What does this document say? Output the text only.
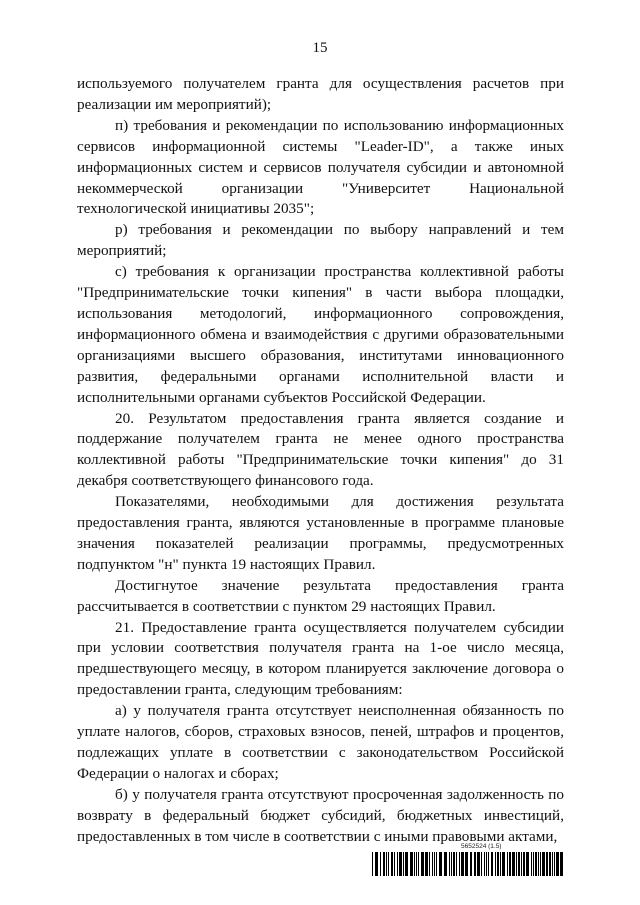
15

используемого получателем гранта для осуществления расчетов при реализации им мероприятий);

п) требования и рекомендации по использованию информационных сервисов информационной системы "Leader-ID", а также иных информационных систем и сервисов получателя субсидии и автономной некоммерческой организации "Университет Национальной технологической инициативы 2035";

р) требования и рекомендации по выбору направлений и тем мероприятий;

с) требования к организации пространства коллективной работы "Предпринимательские точки кипения" в части выбора площадки, использования методологий, информационного сопровождения, информационного обмена и взаимодействия с другими образовательными организациями высшего образования, институтами инновационного развития, федеральными органами исполнительной власти и исполнительными органами субъектов Российской Федерации.

20. Результатом предоставления гранта является создание и поддержание получателем гранта не менее одного пространства коллективной работы "Предпринимательские точки кипения" до 31 декабря соответствующего финансового года.

Показателями, необходимыми для достижения результата предоставления гранта, являются установленные в программе плановые значения показателей реализации программы, предусмотренных подпунктом "н" пункта 19 настоящих Правил.

Достигнутое значение результата предоставления гранта рассчитывается в соответствии с пунктом 29 настоящих Правил.

21. Предоставление гранта осуществляется получателем субсидии при условии соответствия получателя гранта на 1-ое число месяца, предшествующего месяцу, в котором планируется заключение договора о предоставлении гранта, следующим требованиям:

а) у получателя гранта отсутствует неисполненная обязанность по уплате налогов, сборов, страховых взносов, пеней, штрафов и процентов, подлежащих уплате в соответствии с законодательством Российской Федерации о налогах и сборах;

б) у получателя гранта отсутствуют просроченная задолженность по возврату в федеральный бюджет субсидий, бюджетных инвестиций, предоставленных в том числе в соответствии с иными правовыми актами,

5652524 (1.5)
